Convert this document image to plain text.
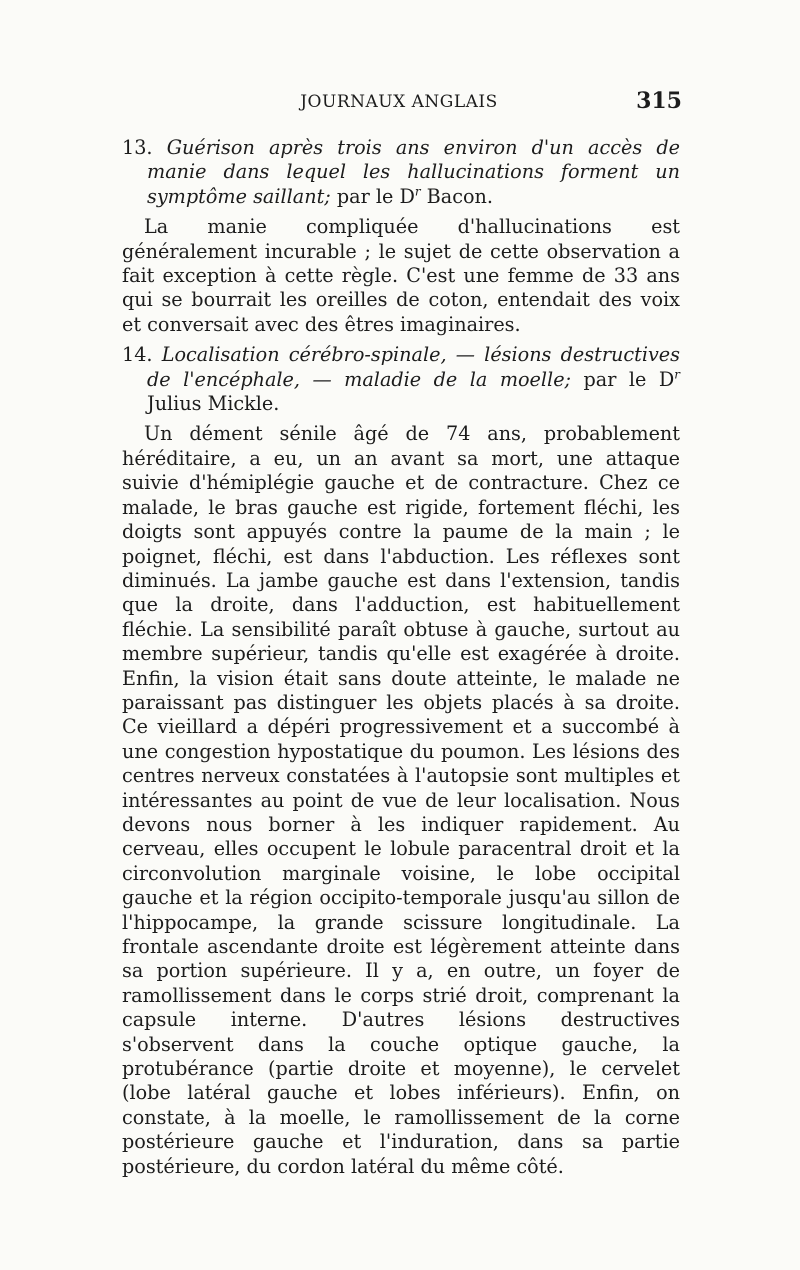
JOURNAUX ANGLAIS	315

13. Guérison après trois ans environ d'un accès de manie dans lequel les hallucinations forment un symptôme saillant; par le $D^r$ Bacon.

La manie compliquée d'hallucinations est généralement incurable ; le sujet de cette observation a fait exception à cette règle. C'est une femme de 33 ans qui se bourrait les oreilles de coton, entendait des voix et conversait avec des êtres imaginaires.

14. Localisation cérébro-spinale, — lésions destructives de l'encéphale, — maladie de la moelle; par le $D^r$ Julius Mickle.

Un dément sénile âgé de 74 ans, probablement héréditaire, a eu, un an avant sa mort, une attaque suivie d'hémiplégie gauche et de contracture. Chez ce malade, le bras gauche est rigide, fortement fléchi, les doigts sont appuyés contre la paume de la main ; le poignet, fléchi, est dans l'abduction. Les réflexes sont diminués. La jambe gauche est dans l'extension, tandis que la droite, dans l'adduction, est habituellement fléchie. La sensibilité paraît obtuse à gauche, surtout au membre supérieur, tandis qu'elle est exagérée à droite. Enfin, la vision était sans doute atteinte, le malade ne paraissant pas distinguer les objets placés à sa droite. Ce vieillard a dépéri progressivement et a succombé à une congestion hypostatique du poumon. Les lésions des centres nerveux constatées à l'autopsie sont multiples et intéressantes au point de vue de leur localisation. Nous devons nous borner à les indiquer rapidement. Au cerveau, elles occupent le lobule paracentral droit et la circonvolution marginale voisine, le lobe occipital gauche et la région occipito-temporale jusqu'au sillon de l'hippocampe, la grande scissure longitudinale. La frontale ascendante droite est légèrement atteinte dans sa portion supérieure. Il y a, en outre, un foyer de ramollissement dans le corps strié droit, comprenant la capsule interne. D'autres lésions destructives s'observent dans la couche optique gauche, la protubérance (partie droite et moyenne), le cervelet (lobe latéral gauche et lobes inférieurs). Enfin, on constate, à la moelle, le ramollissement de la corne postérieure gauche et l'induration, dans sa partie postérieure, du cordon latéral du même côté.
